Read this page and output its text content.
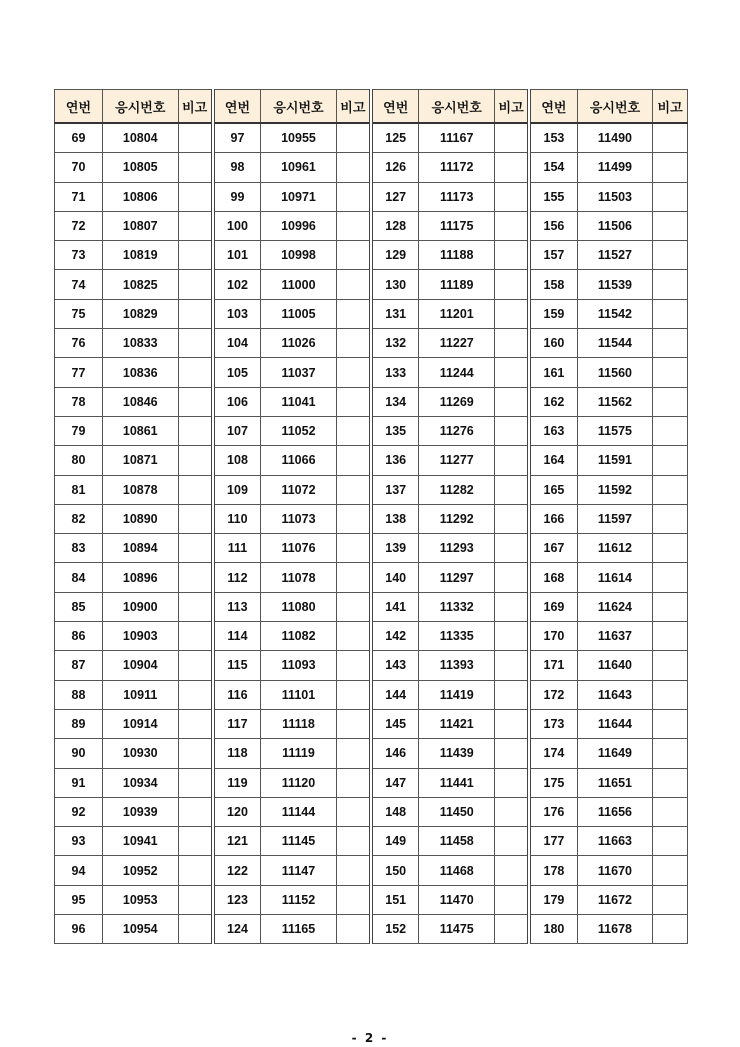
연번	응시번호	비고	연번	응시번호	비고	연번	응시번호	비고	연번	응시번호	비고
69	10804		97	10955		125	11167		153	11490	
70	10805		98	10961		126	11172		154	11499	
71	10806		99	10971		127	11173		155	11503	
72	10807		100	10996		128	11175		156	11506	
73	10819		101	10998		129	11188		157	11527	
74	10825		102	11000		130	11189		158	11539	
75	10829		103	11005		131	11201		159	11542	
76	10833		104	11026		132	11227		160	11544	
77	10836		105	11037		133	11244		161	11560	
78	10846		106	11041		134	11269		162	11562	
79	10861		107	11052		135	11276		163	11575	
80	10871		108	11066		136	11277		164	11591	
81	10878		109	11072		137	11282		165	11592	
82	10890		110	11073		138	11292		166	11597	
83	10894		111	11076		139	11293		167	11612	
84	10896		112	11078		140	11297		168	11614	
85	10900		113	11080		141	11332		169	11624	
86	10903		114	11082		142	11335		170	11637	
87	10904		115	11093		143	11393		171	11640	
88	10911		116	11101		144	11419		172	11643	
89	10914		117	11118		145	11421		173	11644	
90	10930		118	11119		146	11439		174	11649	
91	10934		119	11120		147	11441		175	11651	
92	10939		120	11144		148	11450		176	11656	
93	10941		121	11145		149	11458		177	11663	
94	10952		122	11147		150	11468		178	11670	
95	10953		123	11152		151	11470		179	11672	
96	10954		124	11165		152	11475		180	11678	
- 2 -
